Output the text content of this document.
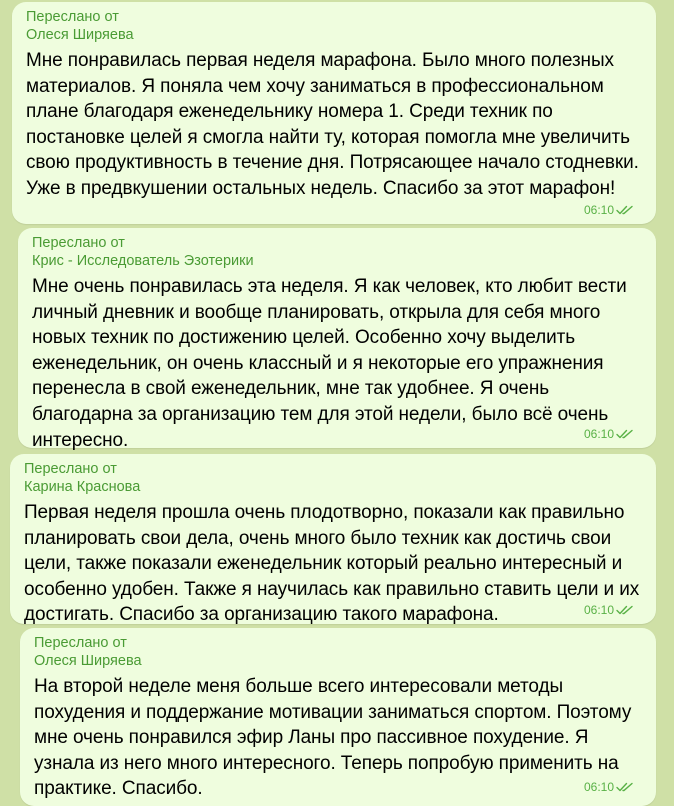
Переслано от
Олеся Ширяева
Мне понравилась первая неделя марафона. Было много полезных материалов. Я поняла чем хочу заниматься в профессиональном плане благодаря еженедельнику номера 1. Среди техник по постановке целей я смогла найти ту, которая помогла мне увеличить свою продуктивность в течение дня. Потрясающее начало стодневки. Уже в предвкушении остальных недель. Спасибо за этот марафон!
06:10
Переслано от
Крис - Исследователь Эзотерики
Мне очень понравилась эта неделя. Я как человек, кто любит вести личный дневник и вообще планировать, открыла для себя много новых техник по достижению целей. Особенно хочу выделить еженедельник, он очень классный и я некоторые его упражнения перенесла в свой еженедельник, мне так удобнее. Я очень благодарна за организацию тем для этой недели, было всё очень интересно.	06:10
Переслано от
Карина Краснова
Первая неделя прошла очень плодотворно, показали как правильно планировать свои дела, очень много было техник как достичь свои цели, также показали еженедельник который реально интересный и особенно удобен. Также я научилась как правильно ставить цели и их достигать. Спасибо за организацию такого марафона.	06:10
Переслано от
Олеся Ширяева
На второй неделе меня больше всего интересовали методы похудения и поддержание мотивации заниматься спортом. Поэтому мне очень понравился эфир Ланы про пассивное похудение. Я узнала из него много интересного. Теперь попробую применить на практике. Спасибо.	06:10
